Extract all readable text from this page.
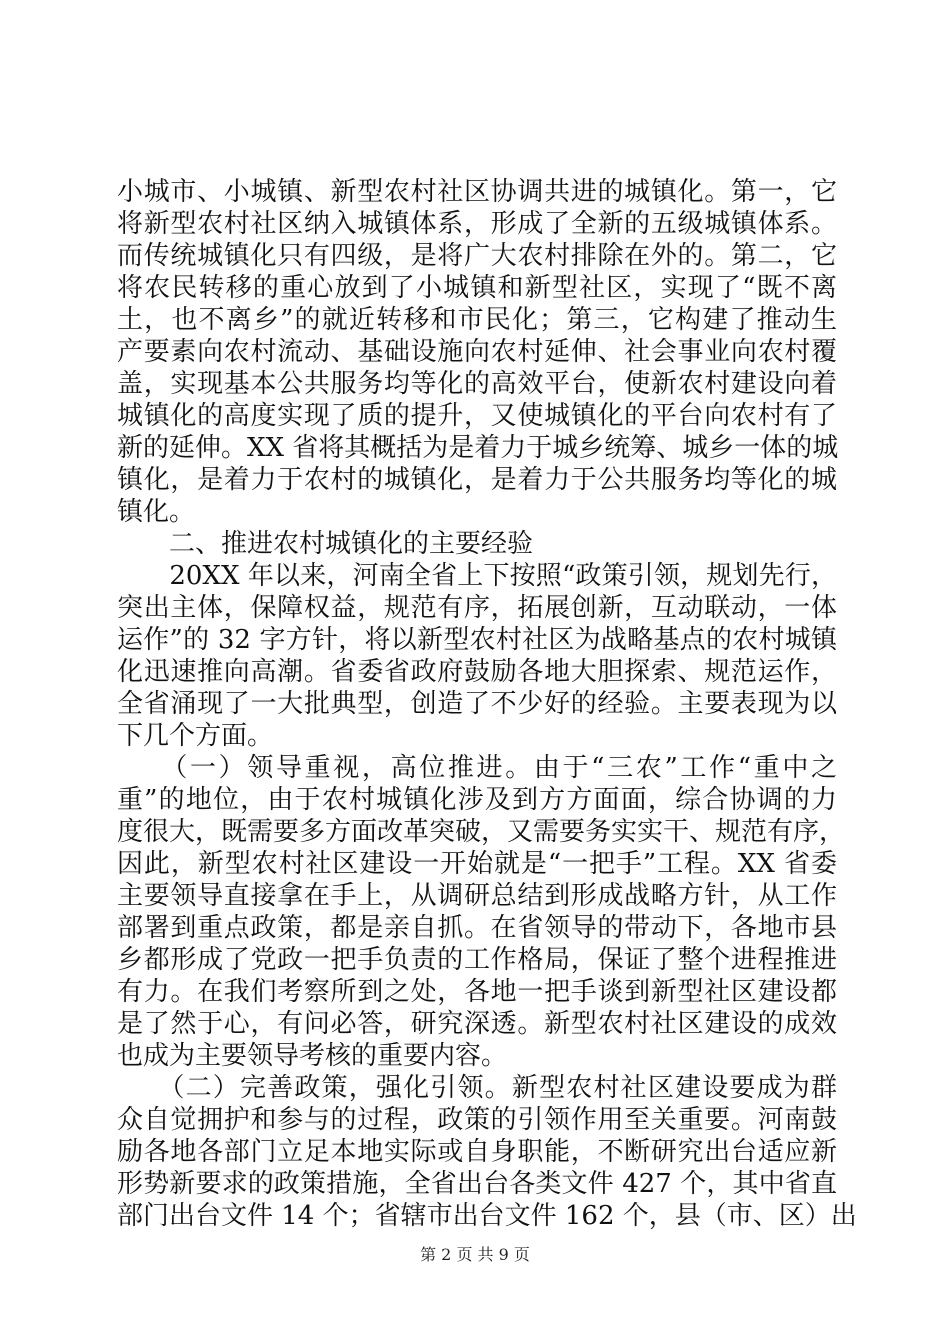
小城市、小城镇、新型农村社区协调共进的城镇化。第一，它
将新型农村社区纳入城镇体系，形成了全新的五级城镇体系。
而传统城镇化只有四级，是将广大农村排除在外的。第二，它
将农民转移的重心放到了小城镇和新型社区，实现了“既不离
土，也不离乡”的就近转移和市民化；第三，它构建了推动生
产要素向农村流动、基础设施向农村延伸、社会事业向农村覆
盖，实现基本公共服务均等化的高效平台，使新农村建设向着
城镇化的高度实现了质的提升，又使城镇化的平台向农村有了
新的延伸。XX 省将其概括为是着力于城乡统筹、城乡一体的城
镇化，是着力于农村的城镇化，是着力于公共服务均等化的城
镇化。
　　二、推进农村城镇化的主要经验
　　20XX 年以来，河南全省上下按照“政策引领，规划先行，
突出主体，保障权益，规范有序，拓展创新，互动联动，一体
运作”的 32 字方针，将以新型农村社区为战略基点的农村城镇
化迅速推向高潮。省委省政府鼓励各地大胆探索、规范运作，
全省涌现了一大批典型，创造了不少好的经验。主要表现为以
下几个方面。
　　（一）领导重视，高位推进。由于“三农”工作“重中之
重”的地位，由于农村城镇化涉及到方方面面，综合协调的力
度很大，既需要多方面改革突破，又需要务实实干、规范有序，
因此，新型农村社区建设一开始就是“一把手”工程。XX 省委
主要领导直接拿在手上，从调研总结到形成战略方针，从工作
部署到重点政策，都是亲自抓。在省领导的带动下，各地市县
乡都形成了党政一把手负责的工作格局，保证了整个进程推进
有力。在我们考察所到之处，各地一把手谈到新型社区建设都
是了然于心，有问必答，研究深透。新型农村社区建设的成效
也成为主要领导考核的重要内容。
　　（二）完善政策，强化引领。新型农村社区建设要成为群
众自觉拥护和参与的过程，政策的引领作用至关重要。河南鼓
励各地各部门立足本地实际或自身职能，不断研究出台适应新
形势新要求的政策措施，全省出台各类文件 427 个，其中省直
部门出台文件 14 个；省辖市出台文件 162 个，县（市、区）出
第 2 页 共 9 页
